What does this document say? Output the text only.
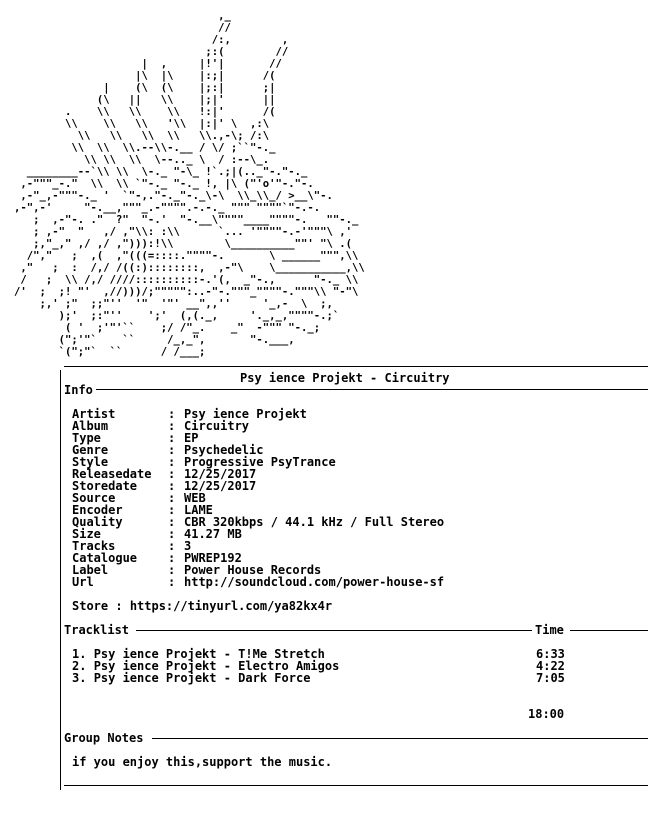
,_
//
/:,        ,
;:(        //
|  ,     |!'|       //
|\  |\    |:;|      /(
|    (\  (\    |;:|      ;|
(\   ||   \\    |;|'      ||
.    \\   \\    \\   !:|'      /(
\\    \\   \\   '\\  |:|' \  ,:\
\\   \\   \\  \\   \\.,-\; /:\
\\  \\  \\.--\\-.__ / \/ ;``"-._
\\ \\  \\  \--.._ \  / :--\_.
________--`\\ \\  \-._ "-\_ !`.;|(.._"-."-._
,-"""_-."  \\  \\ `"-._ "-._ !, |\ ("'o'"-."-.
,-"_,-"""-._ '  `"-,."-._"-._\-\  \\_\\_/ >__\"-.
,-",-'     "-.__,"""_.-"""".-.-._ """ """"`"-.-.
;  ,-"-. ."  ?"  "-.'  "-.__\""""____""""-.   ""-._
; ,-"  "   ,/ ,"\\: :\\      `... '""""-.-'"""\ ,'
;,"_," ,/ ,/ ,"))):!\\        \__________""' "\ .(
/","   ;  ,(  ,"(((=::::.""""-.       \ ______""",\\
,"   ;  :  /,/ /((:)::::::::,  ,-"\    \___________,\\
/   ;  \\ /,/ ////::::::::::-.'(,  _"-.,      "-._ \\
/'  ;  ;! "'  ,//)))/;""""":..-"-."""_""""-."""\\ "-"\
;,' ;"  ;;"''  '"  '"' __",,''     '_,-  \  ;,
);'  ;:"''    ';'  (,(._,     '._,_,""""-.;`
( '  ;'"'``    ;/ /"_.    _"  -""" "-._;
(";'"`    ``     /_,_",       "-.___,
`(";"`  ``      / /___;
Psy ience Projekt - Circuitry
Info
Artist	: Psy ience Projekt
Album	: Circuitry
Type	: EP
Genre	: Psychedelic
Style	: Progressive PsyTrance
Releasedate : 12/25/2017
Storedate	: 12/25/2017
Source	: WEB
Encoder	: LAME
Quality	: CBR 320kbps / 44.1 kHz / Full Stereo
Size	: 41.27 MB
Tracks	: 3
Catalogue	: PWREP192
Label	: Power House Records
Url	: http://soundcloud.com/power-house-sf
Store : https://tinyurl.com/ya82kx4r
Tracklist	Time
1. Psy ience Projekt - T!Me Stretch	6:33
2. Psy ience Projekt - Electro Amigos	4:22
3. Psy ience Projekt - Dark Force	7:05
18:00
Group Notes
if you enjoy this,support the music.
